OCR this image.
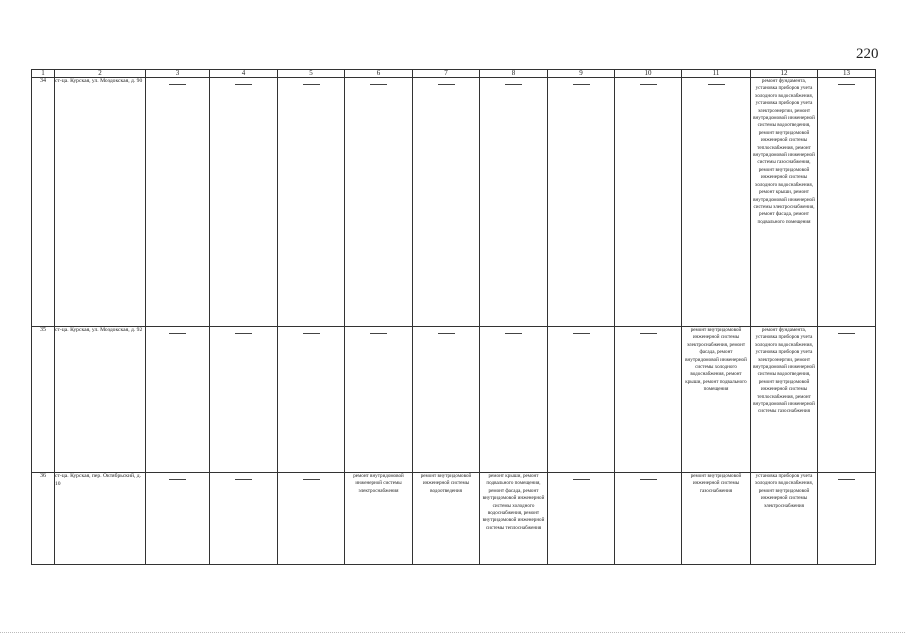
220
1	2	3	4	5	6	7	8	9	10	11	12	13
34	ст-ца. Курская, ул. Моздокская, д. 90										ремонт фундамента, установка приборов учета холодного водоснабжения, установка приборов учета электроэнергии, ремонт внутридомовой инженерной системы водоотведения, ремонт внутридомовой инженерной системы теплоснабжения, ремонт внутридомовой инженерной системы газоснабжения, ремонт внутридомовой инженерной системы холодного водоснабжения, ремонт крыши, ремонт внутридомовой инженерной системы электроснабжения, ремонт фасада, ремонт подвального помещения	

35	ст-ца. Курская, ул. Моздокская, д. 92									ремонт внутридомовой инженерной системы электроснабжения, ремонт фасада, ремонт внутридомовой инженерной системы холодного водоснабжения, ремонт крыши, ремонт подвального помещения	ремонт фундамента, установка приборов учета холодного водоснабжения, установка приборов учета электроэнергии, ремонт внутридомовой инженерной системы водоотведения, ремонт внутридомовой инженерной системы теплоснабжения, ремонт внутридомовой инженерной системы газоснабжения	

36	ст-ца. Курская, пер. Октябрьский, д. 10				ремонт внутридомовой инженерной системы электроснабжения	ремонт внутридомовой инженерной системы водоотведения	ремонт крыши, ремонт подвального помещения, ремонт фасада, ремонт внутридомовой инженерной системы холодного водоснабжения, ремонт внутридомовой инженерной системы теплоснабжения			ремонт внутридомовой инженерной системы газоснабжения	установка приборов учета холодного водоснабжения, ремонт внутридомовой инженерной системы электроснабжения	
